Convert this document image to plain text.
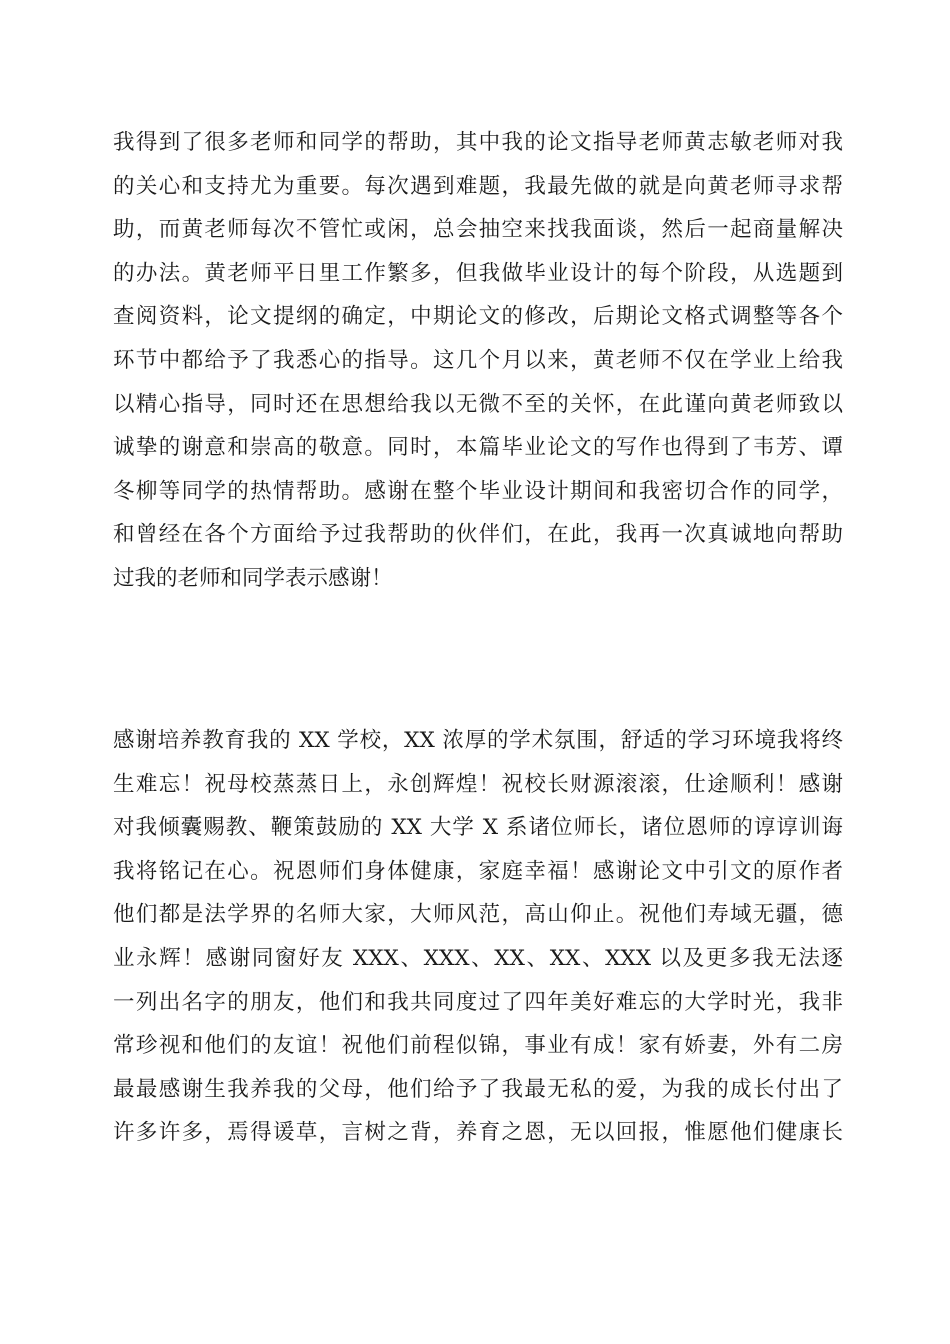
我得到了很多老师和同学的帮助，其中我的论文指导老师黄志敏老师对我
的关心和支持尤为重要。每次遇到难题，我最先做的就是向黄老师寻求帮
助，而黄老师每次不管忙或闲，总会抽空来找我面谈，然后一起商量解决
的办法。黄老师平日里工作繁多，但我做毕业设计的每个阶段，从选题到
查阅资料，论文提纲的确定，中期论文的修改，后期论文格式调整等各个
环节中都给予了我悉心的指导。这几个月以来，黄老师不仅在学业上给我
以精心指导，同时还在思想给我以无微不至的关怀，在此谨向黄老师致以
诚挚的谢意和崇高的敬意。同时，本篇毕业论文的写作也得到了韦芳、谭
冬柳等同学的热情帮助。感谢在整个毕业设计期间和我密切合作的同学，
和曾经在各个方面给予过我帮助的伙伴们，在此，我再一次真诚地向帮助
过我的老师和同学表示感谢！
感谢培养教育我的 XX 学校，XX 浓厚的学术氛围，舒适的学习环境我将终
生难忘！祝母校蒸蒸日上，永创辉煌！祝校长财源滚滚，仕途顺利！感谢
对我倾囊赐教、鞭策鼓励的 XX 大学 X 系诸位师长，诸位恩师的谆谆训诲
我将铭记在心。祝恩师们身体健康，家庭幸福！感谢论文中引文的原作者
他们都是法学界的名师大家，大师风范，高山仰止。祝他们寿域无疆，德
业永辉！感谢同窗好友 XXX、XXX、XX、XX、XXX 以及更多我无法逐
一列出名字的朋友，他们和我共同度过了四年美好难忘的大学时光，我非
常珍视和他们的友谊！祝他们前程似锦，事业有成！家有娇妻，外有二房
最最感谢生我养我的父母，他们给予了我最无私的爱，为我的成长付出了
许多许多，焉得谖草，言树之背，养育之恩，无以回报，惟愿他们健康长
